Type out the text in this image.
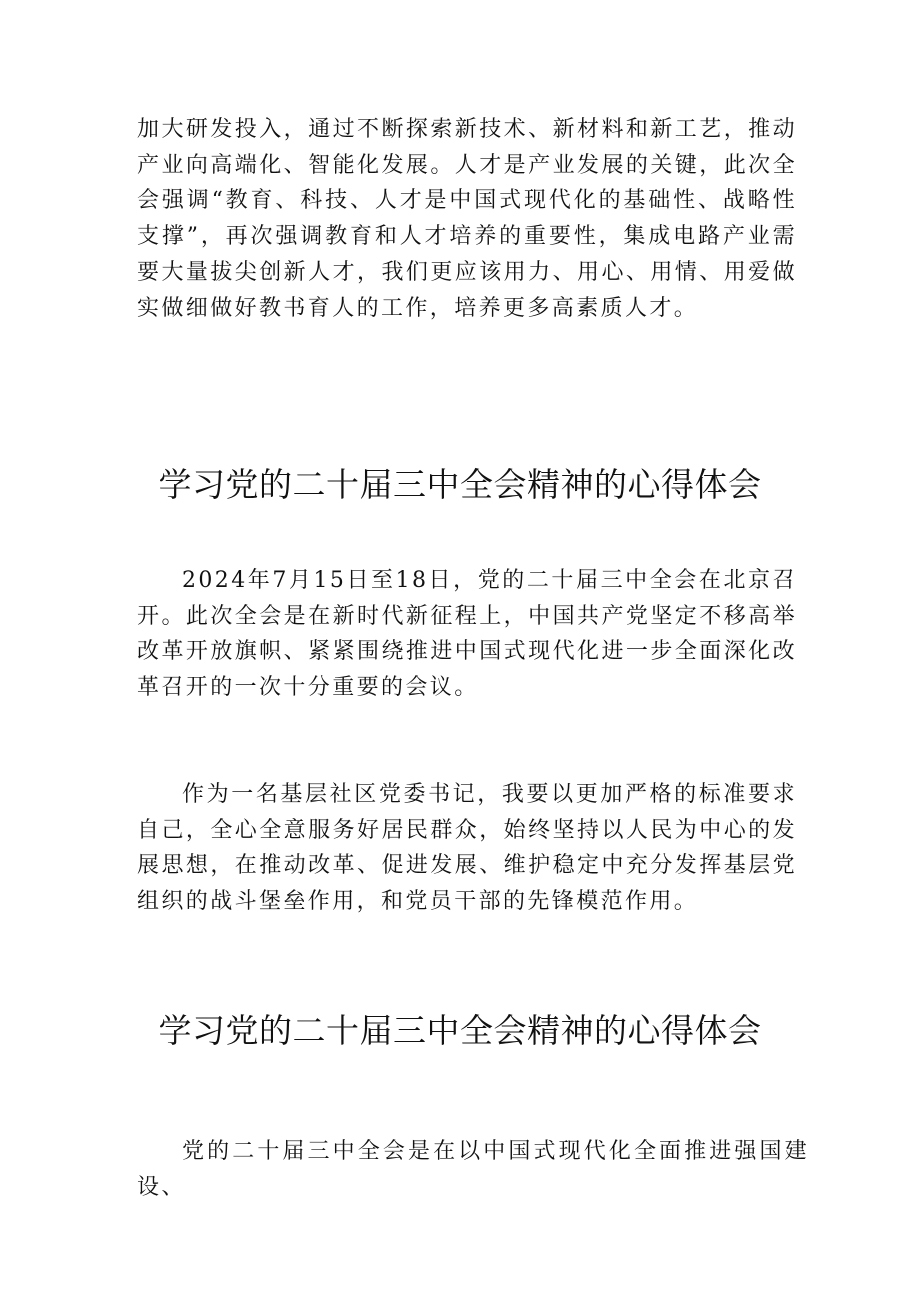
加大研发投入，通过不断探索新技术、新材料和新工艺，推动产业向高端化、智能化发展。人才是产业发展的关键，此次全会强调“教育、科技、人才是中国式现代化的基础性、战略性支撑”，再次强调教育和人才培养的重要性，集成电路产业需要大量拔尖创新人才，我们更应该用力、用心、用情、用爱做实做细做好教书育人的工作，培养更多高素质人才。

学习党的二十届三中全会精神的心得体会

2024年7月15日至18日，党的二十届三中全会在北京召开。此次全会是在新时代新征程上，中国共产党坚定不移高举改革开放旗帜、紧紧围绕推进中国式现代化进一步全面深化改革召开的一次十分重要的会议。

作为一名基层社区党委书记，我要以更加严格的标准要求自己，全心全意服务好居民群众，始终坚持以人民为中心的发展思想，在推动改革、促进发展、维护稳定中充分发挥基层党组织的战斗堡垒作用，和党员干部的先锋模范作用。

学习党的二十届三中全会精神的心得体会

党的二十届三中全会是在以中国式现代化全面推进强国建设、
